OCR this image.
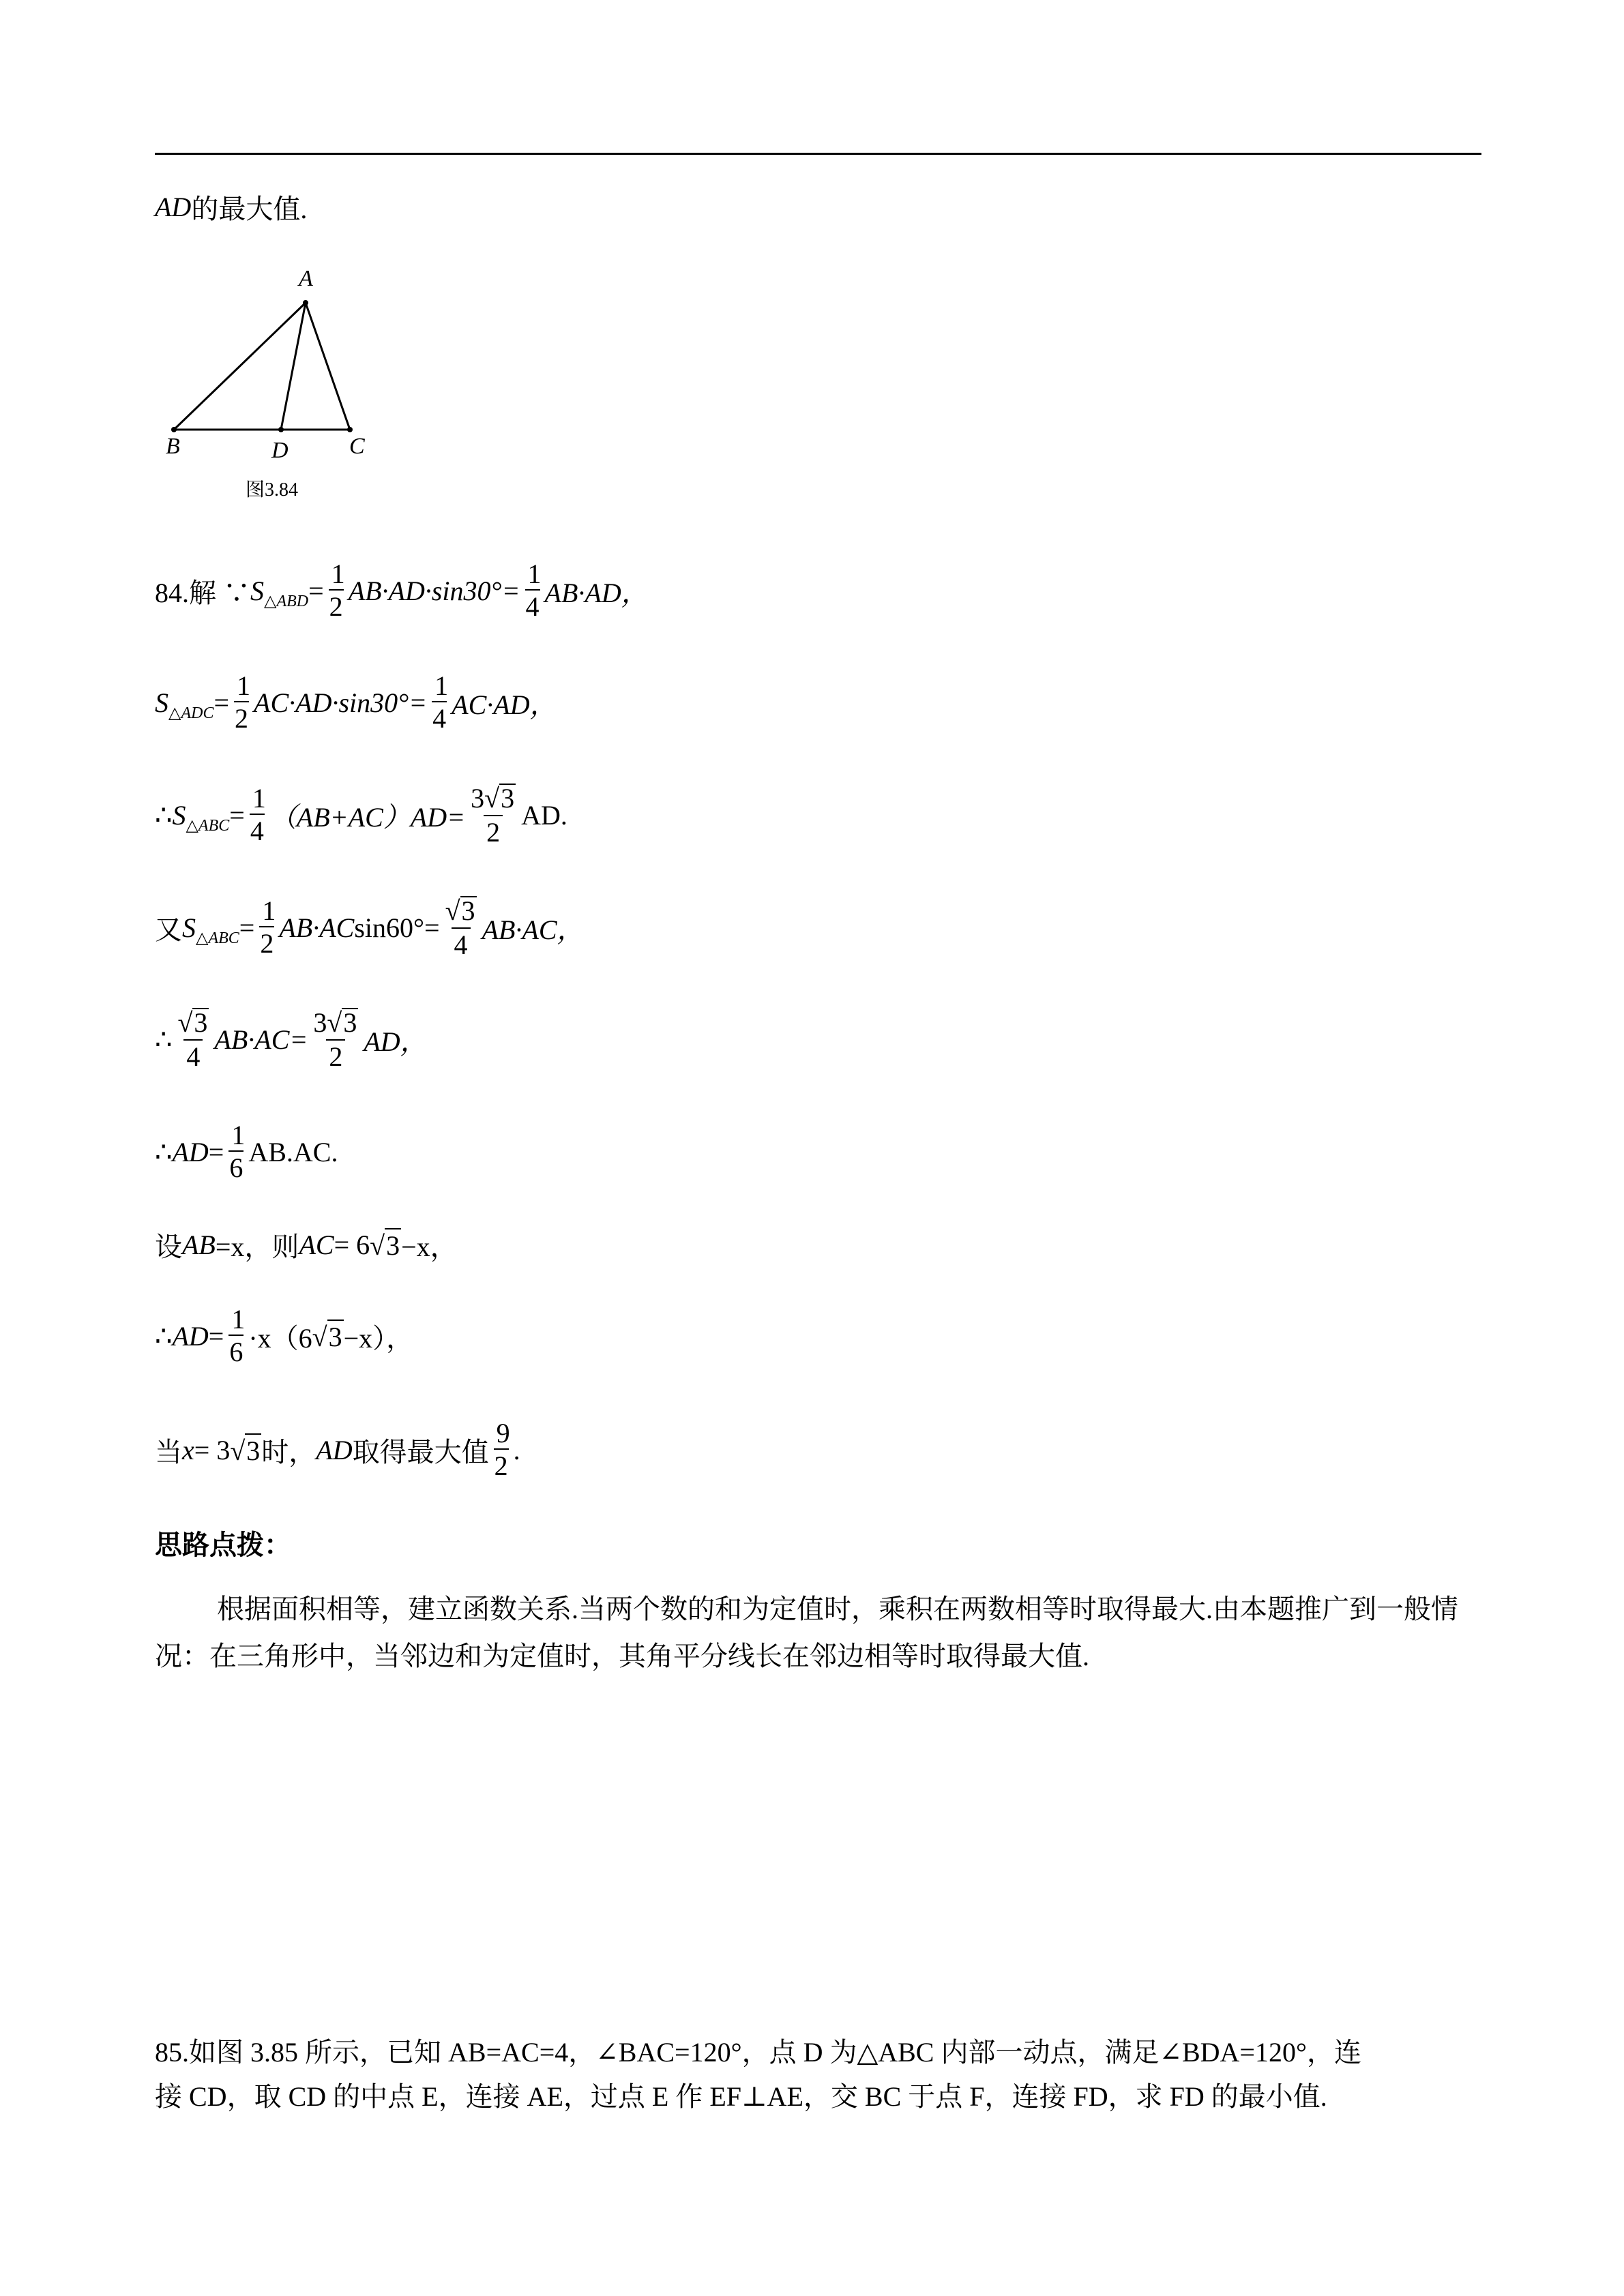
AD 的最大值.
A
B	D	C
图3.84
84.解 ∵ S △ABD = $\frac{1}{2} AB\cdot AD\cdot\sin 30^\circ= \frac{1}{4} AB\cdot AD$，
S △ADC = $\frac{1}{2} AC\cdot AD\cdot\sin 30^\circ= \frac{1}{4} AC\cdot AD$，
∴ S △ABC = $\frac{1}{4} (AB+AC)AD= \frac{3√ 3}{2}$ AD.
又 S △ABC = $\frac{1}{2} AB\cdot AC$ $\sin 60^\circ= \frac{√ 3}{4} AB\cdot AC$，
∴ $\frac{√ 3}{4} AB\cdot AC= \frac{3√ 3}{2}$ AD，
∴ AD = $\frac{1}{6} AB.AC$.
设 AB =x，则 AC = 6 √ 3 −x，
∴ AD = $\frac{1}{6} \cdot x(6$ √ 3 −x），
当 x = 3 √ 3 时， AD 取得最大值 $\frac{9}{2}$ .
思路点拨：
根据面积相等，建立函数关系.当两个数的和为定值时，乘积在两数相等时取得最大.由本题推广到一般情况：在三角形中，当邻边和为定值时，其角平分线长在邻边相等时取得最大值.
85.如图 3.85 所示，已知 AB=AC=4，∠BAC=120°，点 D 为△ABC 内部一动点，满足∠BDA=120°，连
接 CD，取 CD 的中点 E，连接 AE，过点 E 作 EF⊥AE，交 BC 于点 F，连接 FD，求 FD 的最小值.
